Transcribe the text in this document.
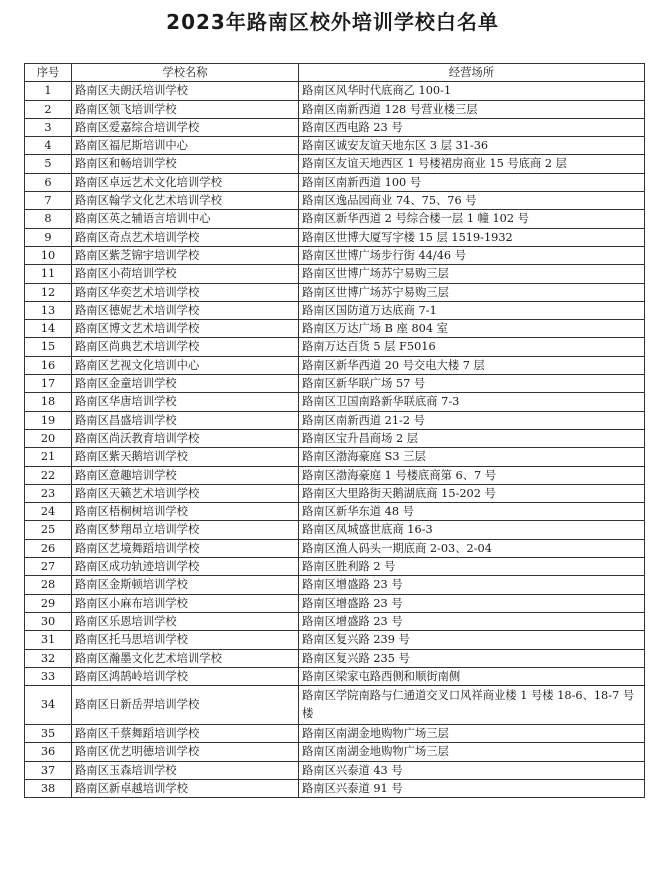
2023年路南区校外培训学校白名单
序号	学校名称	经营场所
1	路南区夫朗沃培训学校	路南区风华时代底商乙 100-1
2	路南区领飞培训学校	路南区南新西道 128 号营业楼三层
3	路南区爱嘉综合培训学校	路南区西电路 23 号
4	路南区福尼斯培训中心	路南区诚安友谊天地东区 3 层 31-36
5	路南区和畅培训学校	路南区友谊天地西区 1 号楼裙房商业 15 号底商 2 层
6	路南区卓远艺术文化培训学校	路南区南新西道 100 号
7	路南区翰学文化艺术培训学校	路南区逸品园商业 74、75、76 号
8	路南区英之辅语言培训中心	路南区新华西道 2 号综合楼一层 1 幢 102 号
9	路南区奇点艺术培训学校	路南区世博大厦写字楼 15 层 1519-1932
10	路南区紫芝锦宇培训学校	路南区世博广场步行街 44/46 号
11	路南区小荷培训学校	路南区世博广场苏宁易购三层
12	路南区华奕艺术培训学校	路南区世博广场苏宁易购三层
13	路南区德妮艺术培训学校	路南区国防道万达底商 7-1
14	路南区博文艺术培训学校	路南区万达广场 B 座 804 室
15	路南区尚典艺术培训学校	路南万达百货 5 层 F5016
16	路南区艺视文化培训中心	路南区新华西道 20 号交电大楼 7 层
17	路南区金童培训学校	路南区新华联广场 57 号
18	路南区华唐培训学校	路南区卫国南路新华联底商 7-3
19	路南区昌盛培训学校	路南区南新西道 21-2 号
20	路南区尚沃教育培训学校	路南区宝升昌商场 2 层
21	路南区紫天鹅培训学校	路南区渤海豪庭 S3 三层
22	路南区意趣培训学校	路南区渤海豪庭 1 号楼底商第 6、7 号
23	路南区天籁艺术培训学校	路南区大里路街天鹅湖底商 15-202 号
24	路南区梧桐树培训学校	路南区新华东道 48 号
25	路南区梦翔昂立培训学校	路南区凤城盛世底商 16-3
26	路南区艺境舞蹈培训学校	路南区渔人码头一期底商 2-03、2-04
27	路南区成功轨迹培训学校	路南区胜利路 2 号
28	路南区金斯顿培训学校	路南区增盛路 23 号
29	路南区小麻布培训学校	路南区增盛路 23 号
30	路南区乐恩培训学校	路南区增盛路 23 号
31	路南区托马思培训学校	路南区复兴路 239 号
32	路南区瀚墨文化艺术培训学校	路南区复兴路 235 号
33	路南区鸿鹄岭培训学校	路南区梁家屯路西侧和顺街南侧
34	路南区日新岳羿培训学校	路南区学院南路与仁通道交叉口风祥商业楼 1 号楼 18-6、18-7 号楼
35	路南区千蔡舞蹈培训学校	路南区南湖金地购物广场三层
36	路南区优艺明德培训学校	路南区南湖金地购物广场三层
37	路南区玉森培训学校	路南区兴泰道 43 号
38	路南区新卓越培训学校	路南区兴泰道 91 号
